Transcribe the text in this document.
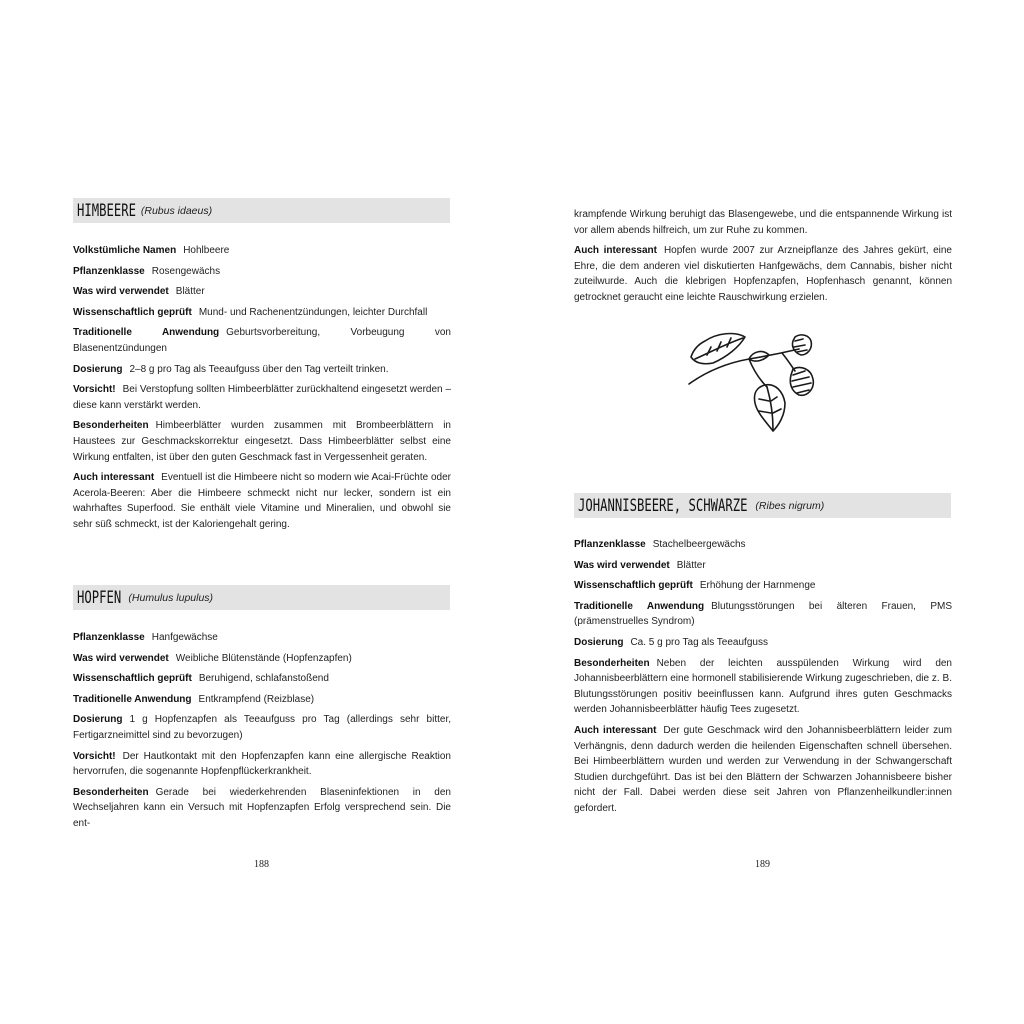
HIMBEERE (Rubus idaeus)

Volkstümliche Namen Hohlbeere

Pflanzenklasse Rosengewächs

Was wird verwendet Blätter

Wissenschaftlich geprüft Mund- und Rachenentzündungen, leichter Durchfall

Traditionelle Anwendung Geburtsvorbereitung, Vorbeugung von Blasenentzündungen

Dosierung 2–8 g pro Tag als Teeaufguss über den Tag verteilt trinken.

Vorsicht! Bei Verstopfung sollten Himbeerblätter zurückhaltend eingesetzt werden – diese kann verstärkt werden.

Besonderheiten Himbeerblätter wurden zusammen mit Brombeerblättern in Haustees zur Geschmackskorrektur eingesetzt. Dass Himbeerblätter selbst eine Wirkung entfalten, ist über den guten Geschmack fast in Vergessenheit geraten.

Auch interessant Eventuell ist die Himbeere nicht so modern wie Acai-Früchte oder Acerola-Beeren: Aber die Himbeere schmeckt nicht nur lecker, sondern ist ein wahrhaftes Superfood. Sie enthält viele Vitamine und Mineralien, und obwohl sie sehr süß schmeckt, ist der Kaloriengehalt gering.

HOPFEN (Humulus lupulus)

Pflanzenklasse Hanfgewächse

Was wird verwendet Weibliche Blütenstände (Hopfenzapfen)

Wissenschaftlich geprüft Beruhigend, schlafanstoßend

Traditionelle Anwendung Entkrampfend (Reizblase)

Dosierung 1 g Hopfenzapfen als Teeaufguss pro Tag (allerdings sehr bitter, Fertigarzneimittel sind zu bevorzugen)

Vorsicht! Der Hautkontakt mit den Hopfenzapfen kann eine allergische Reaktion hervorrufen, die sogenannte Hopfenpflückerkrankheit.

Besonderheiten Gerade bei wiederkehrenden Blaseninfektionen in den Wechseljahren kann ein Versuch mit Hopfenzapfen Erfolg versprechend sein. Die ent-

188

krampfende Wirkung beruhigt das Blasengewebe, und die entspannende Wirkung ist vor allem abends hilfreich, um zur Ruhe zu kommen.

Auch interessant Hopfen wurde 2007 zur Arzneipflanze des Jahres gekürt, eine Ehre, die dem anderen viel diskutierten Hanfgewächs, dem Cannabis, bisher nicht zuteilwurde. Auch die klebrigen Hopfenzapfen, Hopfenhasch genannt, können getrocknet geraucht eine leichte Rauschwirkung erzielen.

JOHANNISBEERE, SCHWARZE (Ribes nigrum)

Pflanzenklasse Stachelbeergewächs

Was wird verwendet Blätter

Wissenschaftlich geprüft Erhöhung der Harnmenge

Traditionelle Anwendung Blutungsstörungen bei älteren Frauen, PMS (prämenstruelles Syndrom)

Dosierung Ca. 5 g pro Tag als Teeaufguss

Besonderheiten Neben der leichten ausspülenden Wirkung wird den Johannisbeerblättern eine hormonell stabilisierende Wirkung zugeschrieben, die z. B. Blutungsstörungen positiv beeinflussen kann. Aufgrund ihres guten Geschmacks werden Johannisbeerblätter häufig Tees zugesetzt.

Auch interessant Der gute Geschmack wird den Johannisbeerblättern leider zum Verhängnis, denn dadurch werden die heilenden Eigenschaften schnell übersehen. Bei Himbeerblättern wurden und werden zur Verwendung in der Schwangerschaft Studien durchgeführt. Das ist bei den Blättern der Schwarzen Johannisbeere bisher nicht der Fall. Dabei werden diese seit Jahren von Pflanzenheilkundler:innen gefordert.

189
